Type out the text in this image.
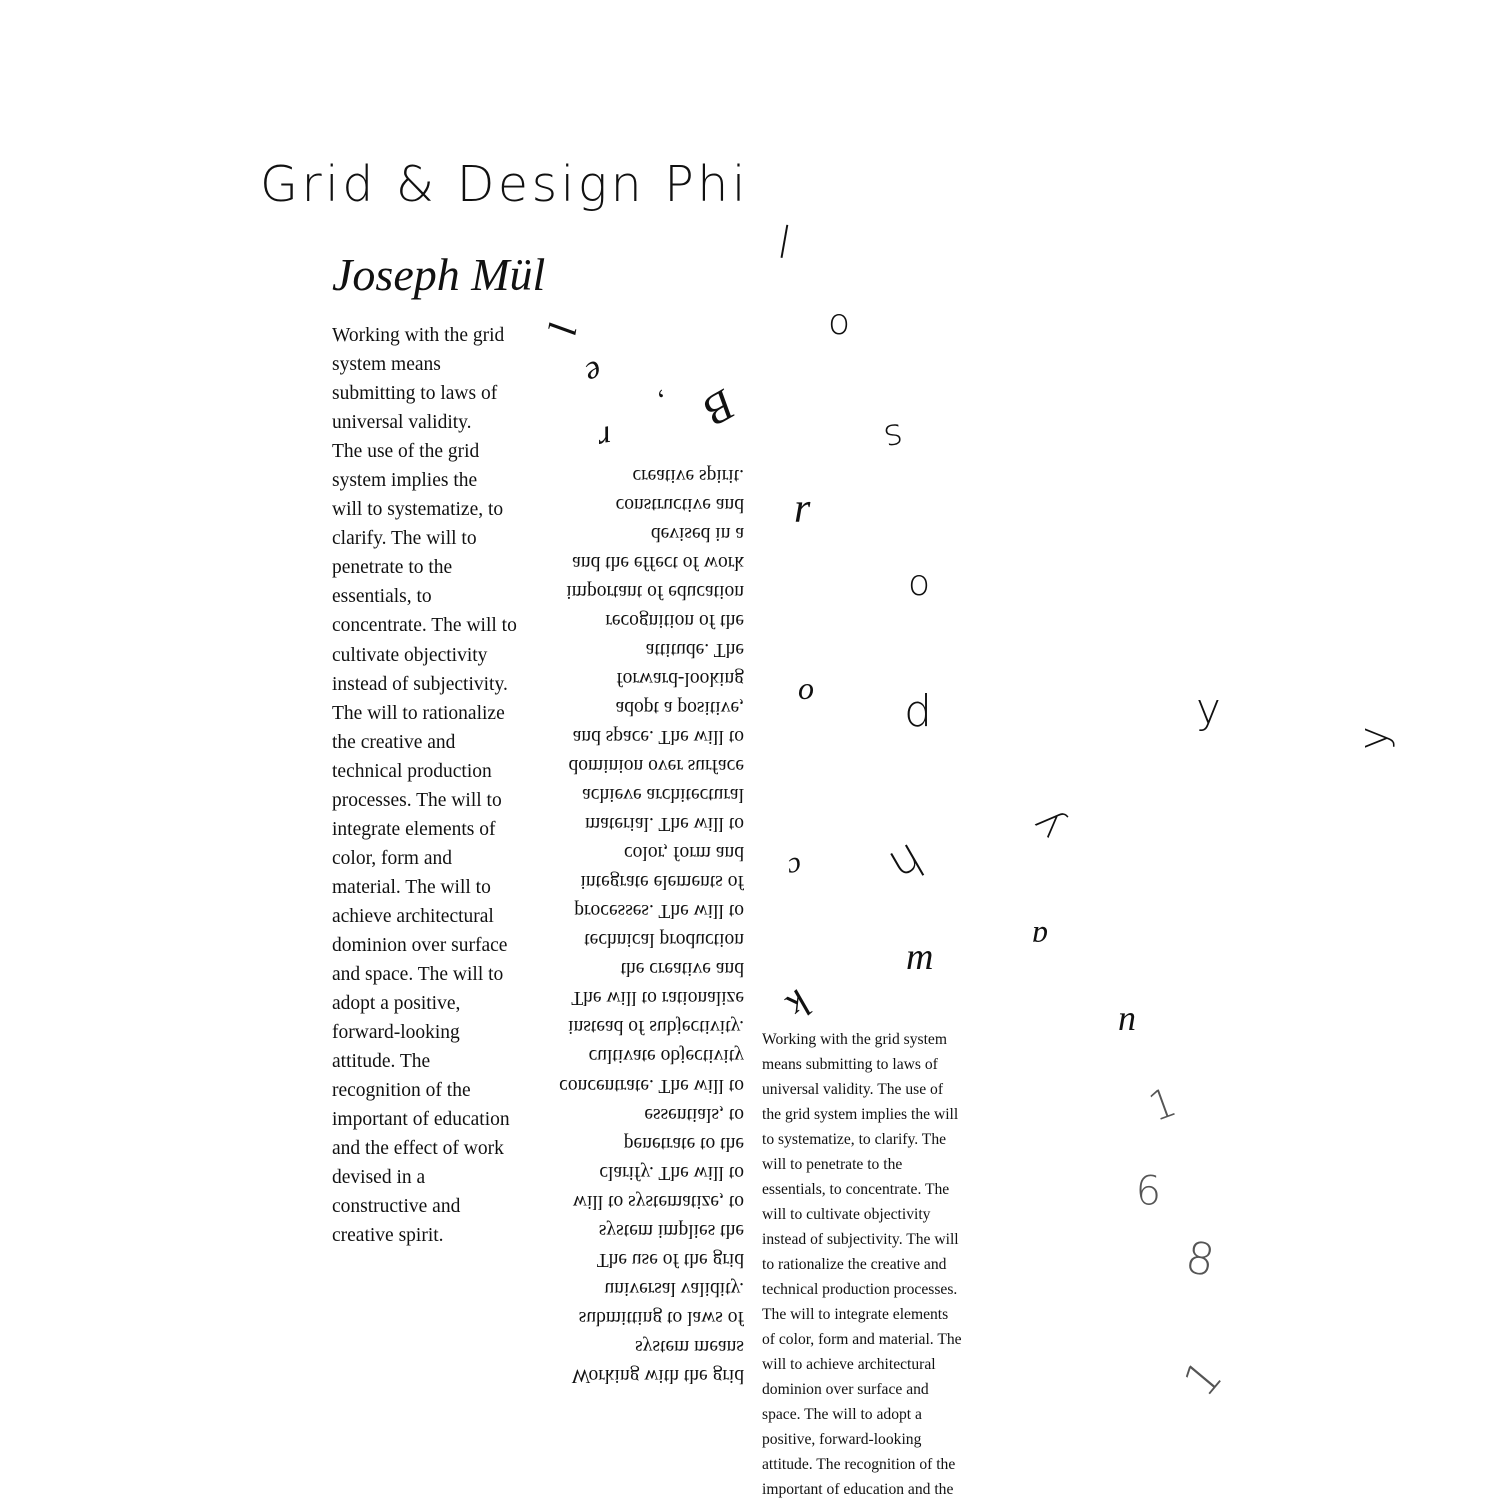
Grid & Design Phi
Joseph Mül
Working with the grid
system means
submitting to laws of
universal validity.
The use of the grid
system implies the
will to systematize, to
clarify. The will to
penetrate to the
essentials, to
concentrate. The will to
cultivate objectivity
instead of subjectivity.
The will to rationalize
the creative and
technical production
processes. The will to
integrate elements of
color, form and
material. The will to
achieve architectural
dominion over surface
and space. The will to
adopt a positive,
forward-looking
attitude. The
recognition of the
important of education
and the effect of work
devised in a
constructive and
creative spirit.
Working with the grid
system means
submitting to laws of
universal validity.
The use of the grid
system implies the
will to systematize, to
clarify. The will to
penetrate to the
essentials, to
concentrate. The will to
cultivate objectivity
instead of subjectivity.
The will to rationalize
the creative and
technical production
processes. The will to
integrate elements of
color, form and
material. The will to
achieve architectural
dominion over surface
and space. The will to
adopt a positive,
forward-looking
attitude. The
recognition of the
important of education
and the effect of work
devised in a
constructive and
creative spirit.
Working with the grid system
means submitting to laws of
universal validity. The use of
the grid system implies the will
to systematize, to clarify. The
will to penetrate to the
essentials, to concentrate. The
will to cultivate objectivity
instead of subjectivity. The will
to rationalize the creative and
technical production processes.
The will to integrate elements
of color, form and material. The
will to achieve architectural
dominion over surface and
space. The will to adopt a
positive, forward-looking
attitude. The recognition of the
important of education and the
l
o
s
r
o
p
h
y
y
y
l
e
r
, B
o
c
m
k
a
n
1
9
8
1
